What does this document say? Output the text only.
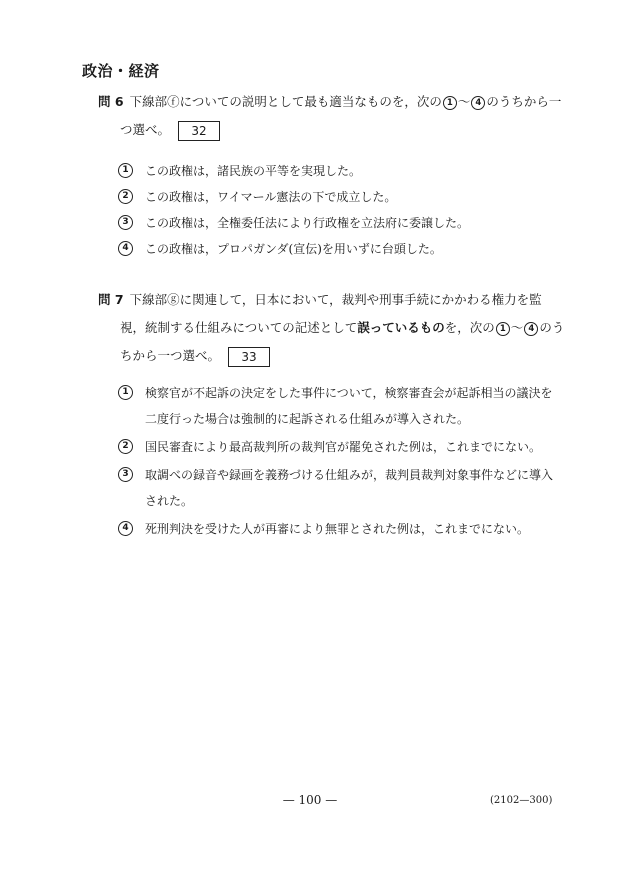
政治・経済
問 6 下線部ⓕについての説明として最も適当なものを，次の 1 ～ 4 のうちから一
つ選べ。 32
1	この政権は，諸民族の平等を実現した。
2	この政権は，ワイマール憲法の下で成立した。
3	この政権は，全権委任法により行政権を立法府に委譲した。
4	この政権は，プロパガンダ(宣伝)を用いずに台頭した。
問 7 下線部ⓖに関連して，日本において，裁判や刑事手続にかかわる権力を監
視，統制する仕組みについての記述として誤っているものを，次の 1 ～ 4 のう
ちから一つ選べ。 33
1	検察官が不起訴の決定をした事件について，検察審査会が起訴相当の議決を二度行った場合は強制的に起訴される仕組みが導入された。
2	国民審査により最高裁判所の裁判官が罷免された例は，これまでにない。
3	取調べの録音や録画を義務づける仕組みが，裁判員裁判対象事件などに導入された。
4	死刑判決を受けた人が再審により無罪とされた例は，これまでにない。
— 100 —	(2102—300)
